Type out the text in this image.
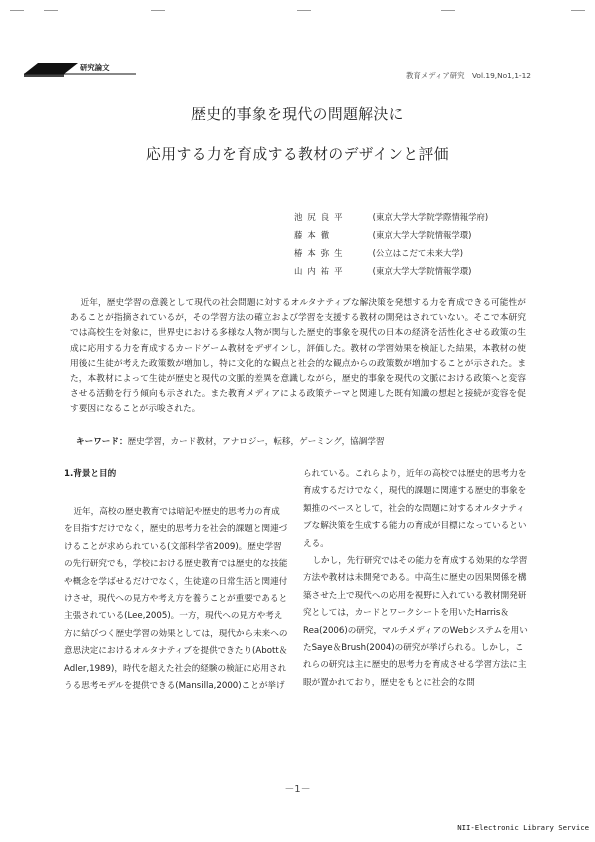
研究論文
教育メディア研究　Vol.19,No1,1-12
歴史的事象を現代の問題解決に
応用する力を育成する教材のデザインと評価
池尻良平	(東京大学大学院学際情報学府)
藤本徹	(東京大学大学院情報学環)
椿本弥生	(公立はこだて未来大学)
山内祐平	(東京大学大学院情報学環)

近年，歴史学習の意義として現代の社会問題に対するオルタナティブな解決策を発想する力を育成できる可能性があることが指摘されているが，その学習方法の確立および学習を支援する教材の開発はされていない。そこで本研究では高校生を対象に，世界史における多様な人物が関与した歴史的事象を現代の日本の経済を活性化させる政策の生成に応用する力を育成するカードゲーム教材をデザインし，評価した。教材の学習効果を検証した結果，本教材の使用後に生徒が考えた政策数が増加し，特に文化的な観点と社会的な観点からの政策数が増加することが示された。また，本教材によって生徒が歴史と現代の文脈的差異を意識しながら，歴史的事象を現代の文脈における政策へと変容させる活動を行う傾向も示された。また教育メディアによる政策テーマと関連した既有知識の想起と接続が変容を促す要因になることが示唆された。

キーワード：歴史学習，カード教材，アナロジー，転移，ゲーミング，協調学習
1.背景と目的

近年，高校の歴史教育では暗記や歴史的思考力の育成を目指すだけでなく，歴史的思考力を社会的課題と関連づけることが求められている(文部科学省2009)。歴史学習の先行研究でも，学校における歴史教育では歴史的な技能や概念を学ばせるだけでなく，生徒達の日常生活と関連付けさせ，現代への見方や考え方を養うことが重要であると主張されている(Lee,2005)。一方，現代への見方や考え方に結びつく歴史学習の効果としては，現代から未来への意思決定におけるオルタナティブを提供できたり(Abott＆Adler,1989)，時代を超えた社会的経験の検証に応用されうる思考モデルを提供できる(Mansilla,2000)ことが挙げ

られている。これらより，近年の高校では歴史的思考力を育成するだけでなく，現代的課題に関連する歴史的事象を類推のベースとして，社会的な問題に対するオルタナティブな解決策を生成する能力の育成が目標になっているといえる。

しかし，先行研究ではその能力を育成する効果的な学習方法や教材は未開発である。中高生に歴史の因果関係を構築させた上で現代への応用を視野に入れている教材開発研究としては，カードとワークシートを用いたHarris＆Rea(2006)の研究，マルチメディアのWebシステムを用いたSaye＆Brush(2004)の研究が挙げられる。しかし，これらの研究は主に歴史的思考力を育成させる学習方法に主眼が置かれており，歴史をもとに社会的な問

－1－
NII-Electronic Library Service
